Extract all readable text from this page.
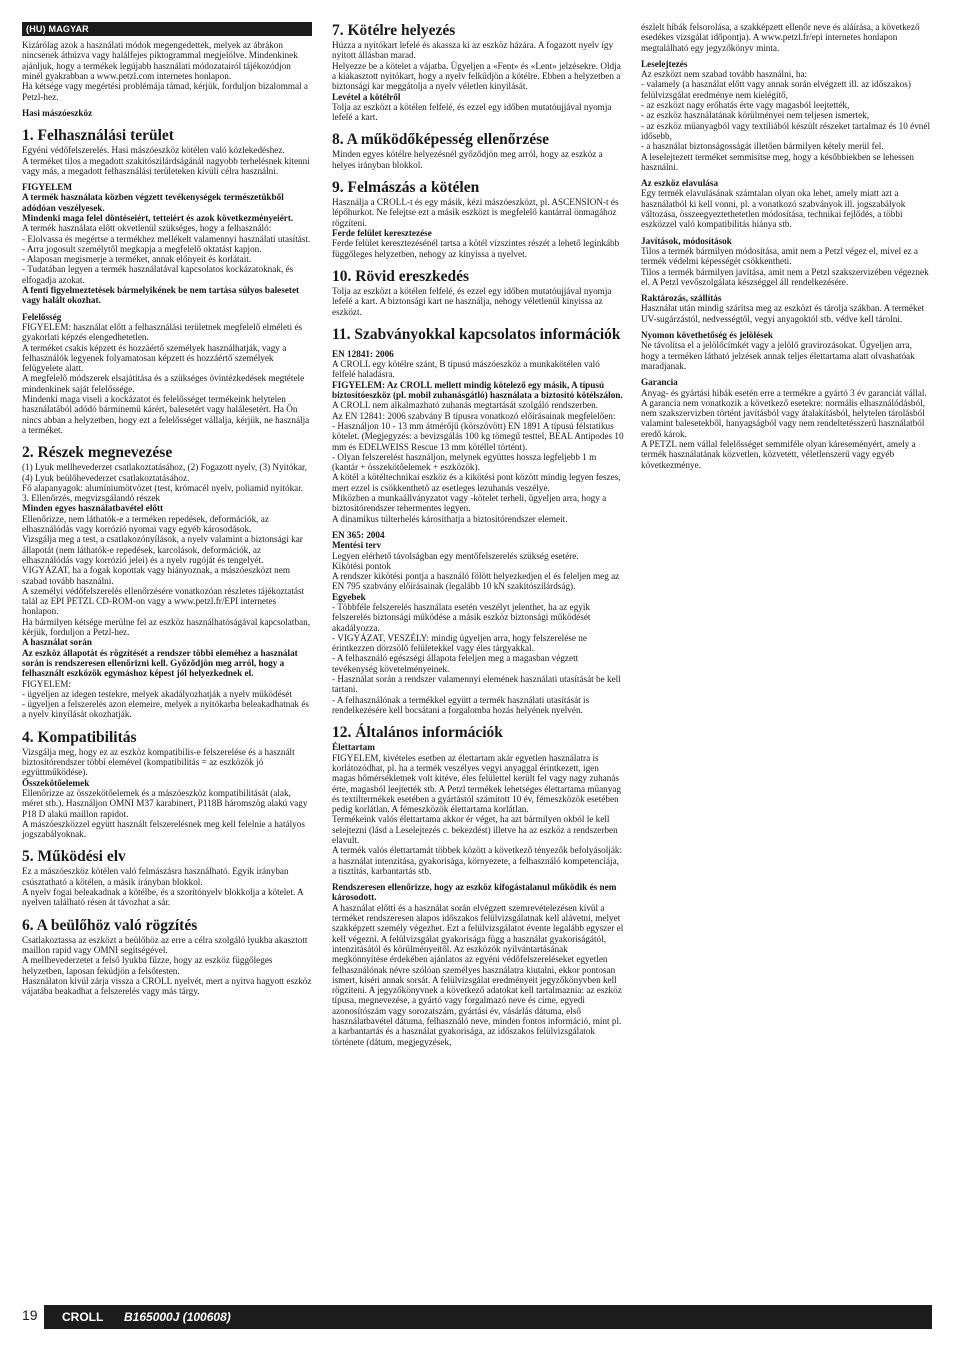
(HU) MAGYAR

Kizárólag azok a használati módok megengedettek, melyek az ábrákon nincsenek áthúzva vagy halálfejes piktogrammal megjelölve. Mindenkinek ajánljuk, hogy a termékek legújabb használati módozatairól tájékozódjon minél gyakrabban a www.petzl.com internetes honlapon.
Ha kétsége vagy megértési problémája támad, kérjük, forduljon bizalommal a Petzl-hez.

Hasi mászóeszköz

1. Felhasználási terület

Egyéni védőfelszerelés. Hasi mászóeszköz kötélen való közlekedéshez.
A terméket tilos a megadott szakítószilárdságánál nagyobb terhelésnek kitenni vagy más, a megadott felhasználási területeken kívüli célra használni.

FIGYELEM

A termék használata közben végzett tevékenységek természetükből adódóan veszélyesek.
Mindenki maga felel döntéseiért, tetteiért és azok következményeiért.

A termék használata előtt okvetlenül szükséges, hogy a felhasználó:
- Elolvassa és megértse a termékhez mellékelt valamennyi használati utasítást.
- Arra jogosult személytől megkapja a megfelelő oktatást kapjon.
- Alaposan megismerje a terméket, annak előnyeit és korlátait.
- Tudatában legyen a termék használatával kapcsolatos kockázatoknak, és elfogadja azokat.

A fenti figyelmeztetések bármelyikének be nem tartása súlyos balesetet vagy halált okozhat.

Felelősség

FIGYELEM: használat előtt a felhasználási területnek megfelelő elméleti és gyakorlati képzés elengedhetetlen.
A terméket csakis képzett és hozzáértő személyek használhatják, vagy a felhasználók legyenek folyamatosan képzett és hozzáértő személyek felügyelete alatt.
A megfelelő módszerek elsajátítása és a szükséges óvintézkedések megtétele mindenkinek saját felelőssége.
Mindenki maga viseli a kockázatot és felelősséget termékeink helytelen használatából adódó bárminemű kárért, balesetért vagy halálesetért. Ha Ön nincs abban a helyzetben, hogy ezt a felelősséget vállalja, kérjük, ne használja a terméket.

2. Részek megnevezése

(1) Lyuk mellhevederzet csatlakoztatásához, (2) Fogazott nyelv, (3) Nyitókar, (4) Lyuk beülőhevederzet csatlakoztatásához.
Fő alapanyagok: alumíniumötvözet (test, krómacél nyelv, poliamid nyitókar.
3. Ellenőrzés, megvizsgálandó részek

Minden egyes használatbavétel előtt

Ellenőrizze, nem láthatók-e a terméken repedések, deformációk, az elhasználódás vagy korrózió nyomai vagy egyéb károsodások.
Vizsgálja meg a test, a csatlakozónyílások, a nyelv valamint a biztonsági kar állapotát (nem láthatók-e repedések, karcolások, deformációk, az elhasználódás vagy korrózió jelei) és a nyelv rugóját és tengelyét.
VIGYÁZAT, ha a fogak kopottak vagy hiányoznak, a mászóeszközt nem szabad tovább használni.
A személyi védőfelszerelés ellenőrzésére vonatkozóan részletes tájékoztatást talál az EPI PETZL CD-ROM-on vagy a www.petzl.fr/EPI internetes honlapon.
Ha bármilyen kétsége merülne fel az eszköz használhatóságával kapcsolatban, kérjük, forduljon a Petzl-hez.

A használat során

Az eszköz állapotát és rögzítését a rendszer többi eleméhez a használat során is rendszeresen ellenőrizni kell. Győződjön meg arról, hogy a felhasznált eszközök egymáshoz képest jól helyezkednek el.

FIGYELEM:
- ügyeljen az idegen testekre, melyek akadályozhatják a nyelv működését
- ügyeljen a felszerelés azon elemeire, melyek a nyitókarba beleakadhatnak és a nyelv kinyílását okozhatják.

4. Kompatibilitás

Vizsgálja meg, hogy ez az eszköz kompatibilis-e felszerelése és a használt biztosítórendszer többi elemével (kompatibilitás = az eszközök jó együttműködése).

Összekötőelemek

Ellenőrizze az összekötőelemek és a mászóeszköz kompatibilitását (alak, méret stb.). Használjon OMNI M37 karabinert, P118B háromszög alakú vagy P18 D alakú maillon rapidot.
A mászóeszközzel együtt használt felszerelésnek meg kell felelnie a hatályos jogszabályoknak.

5. Működési elv

Ez a mászóeszköz kötélen való felmászásra használható. Egyik irányban csúsztatható a kötélen, a másik irányban blokkol.
A nyelv fogai beleakadnak a kötélbe, és a szorítónyelv blokkolja a kötelet. A nyelven található résen át távozhat a sár.

6. A beülőhöz való rögzítés

Csatlakoztassa az eszközt a beülőhöz az erre a célra szolgáló lyukba akasztott maillon rapid vagy OMNI segítségével.
A mellhevederzetet a felső lyukba fűzze, hogy az eszköz függőleges helyzetben, laposan feküdjön a felsőtesten.
Használaton kívül zárja vissza a CROLL nyelvét, mert a nyitva hagyott eszköz vájatába beakadhat a felszerelés vagy más tárgy.

7. Kötélre helyezés

Húzza a nyitókart lefelé és akassza ki az eszköz házára. A fogazott nyelv így nyitott állásban marad.
Helyezze be a kötelet a vájatba. Ügyeljen a «Fent» és «Lent» jelzésekre. Oldja a kiakasztott nyitókart, hogy a nyelv felkűdjön a kötélre. Ebben a helyzetben a biztonsági kar meggátolja a nyelv véletlen kinyílását.

Levétel a kötélről

Tolja az eszközt a kötélen felfelé, és ezzel egy időben mutatóujjával nyomja lefelé a kart.

8. A működőképesség ellenőrzése

Minden egyes kötélre helyezésnél győződjön meg arról, hogy az eszköz a helyes irányban blokkol.

9. Felmászás a kötélen

Használja a CROLL-t és egy másik, kézi mászóeszközt, pl. ASCENSION-t és lépőhurkot. Ne felejtse ezt a másik eszközt is megfelelő kantárral önmagához rögzíteni.

Ferde felület keresztezése

Ferde felület keresztezésénél tartsa a kötél vízszintes részét a lehető leginkább függőleges helyzetben, nehogy az kinyissa a nyelvet.

10. Rövid ereszkedés

Tolja az eszközt a kötélen felfelé, és ezzel egy időben mutatóujjával nyomja lefelé a kart. A biztonsági kart ne használja, nehogy véletlenül kinyissa az eszközt.

11. Szabványokkal kapcsolatos információk

EN 12841: 2006

A CROLL egy kötélre szánt, B típusú mászóeszköz a munkakötélen való felfelé haladásra.

FIGYELEM: Az CROLL mellett mindig kötelező egy másik, A típusú biztosítóeszköz (pl. mobil zuhanásgátló) használata a biztosító kötélszálon.

A CROLL nem alkalmazható zuhanás megtartását szolgáló rendszerben.
Az EN 12841: 2006 szabvány B típusra vonatkozó előírásainak megfelelően:
- Használjon 10 - 13 mm átmérőjű (körszövött) EN 1891 A típusú félstatikus kötelet. (Megjegyzés: a bevizsgálás 100 kg tömegű testtel, BEAL Antipodes 10 mm és EDELWEISS Rescue 13 mm kötéllel történt).
- Olyan felszerelést használjon, melynek együttes hossza legfeljebb 1 m (kantár + összekötőelemek + eszközök).
A kötél a kötéltechnikai eszköz és a kikötési pont között mindig legyen feszes, mert ezzel is csökkenthető az esetleges lezuhanás veszélye.
Miközben a munkaállványzatot vagy -kötelet terheli, ügyeljen arra, hogy a biztosítórendszer tehermentes legyen.
A dinamikus túlterhelés károsíthatja a biztosítórendszer elemeit.

EN 365: 2004

Mentési terv

Legyen elérhető távolságban egy mentőfelszerelés szükség esetére.
Kikötési pontok
A rendszer kikötési pontja a használó fölött helyezkedjen el és feleljen meg az EN 795 szabvány előírásainak (legalább 10 kN szakítószilárdság).

Egyebek

- Többféle felszerelés használata esetén veszélyt jelenthet, ha az egyik felszerelés biztonsági működése a másik eszköz biztonsági működését akadályozza.
- VIGYÁZAT, VESZÉLY: mindig ügyeljen arra, hogy felszerelése ne érintkezzen dörzsölő felületekkel vagy éles tárgyakkal.
- A felhasználó egészségi állapota feleljen meg a magasban végzett tevékenység követelményeinek.
- Használat során a rendszer valamennyi elemének használati utasítását be kell tartani.
- A felhasználónak a termékkel együtt a termék használati utasítását is rendelkezésére kell bocsátani a forgalomba hozás helyének nyelvén.

12. Általános információk

Élettartam

FIGYELEM, kivételes esetben az élettartam akár egyetlen használatra is korlátozódhat, pl. ha a termék veszélyes vegyi anyaggal érintkezett, igen magas hőmérsékletnek volt kitéve, éles felülettel került fel vagy nagy zuhanás érte, magasból leejtették stb. A Petzl termékek lehetséges élettartama műanyag és textiltermékek esetében a gyártástól számított 10 év, fémeszközök esetében pedig korlátlan. A fémeszközök élettartama korlátlan.
Termékeink valós élettartama akkor ér véget, ha azt bármilyen okból le kell selejtezni (lásd a Leselejtezés c. bekezdést) illetve ha az eszköz a rendszerben elavult.
A termék valós élettartamát többek között a következő tényezők befolyásolják: a használat intenzitása, gyakorisága, környezete, a felhasználó kompetenciája, a tisztítás, karbantartás stb.

Rendszeresen ellenőrizze, hogy az eszköz kifogástalanul működik és nem károsodott.

A használat előtti és a használat során elvégzett szemrevételezésen kívül a terméket rendszeresen alapos időszakos felülvizsgálatnak kell alávetni, melyet szakképzett személy végezhet. Ezt a felülvizsgálatot évente legalább egyszer el kell végezni. A felülvizsgálat gyakorisága függ a használat gyakoriságától, intenzitásától és körülményeitől. Az eszközök nyilvántartásának megkönnyítése érdekében ajánlatos az egyéni védőfelszereléseket egyetlen felhasználónak névre szólóan személyes használatra kiutalni, ekkor pontosan ismert, kiséri annak sorsát. A felülvizsgálat eredményeit jegyzőkönyvben kell rögzíteni. A jegyzőkönyvnek a következő adatokat kell tartalmaznia: az eszköz típusa, megnevezése, a gyártó vagy forgalmazó neve és címe, egyedi azonosítószám vagy sorozatszám, gyártási év, vásárlás dátuma, első használatbavétel dátuma, felhasználó neve, minden fontos információ, mint pl. a karbantartás és a használat gyakorisága, az időszakos felülvizsgálatok története (dátum, megjegyzések,

észlelt hibák felsorolása, a szakképzett ellenőr neve és aláírása, a következő esedékes vizsgálat időpontja). A www.petzl.fr/epi internetes honlapon megtalálható egy jegyzőkönyv minta.

Leselejtezés

Az eszközt nem szabad tovább használni, ha:
- valamely (a használat előtt vagy annak során elvégzett ill. az időszakos) felülvizsgálat eredménye nem kielégítő,
- az eszközt nagy erőhatás érte vagy magasból leejtették,
- az eszköz használatának körülményei nem teljesen ismertek,
- az eszköz műanyagból vagy textíliából készült részeket tartalmaz és 10 évnél idősebb,
- a használat biztonságosságát illetően bármilyen kétely merül fel.
A leselejtezett terméket semmisítse meg, hogy a későbbiekben se lehessen használni.

Az eszköz elavulása

Egy termék elavulásának számtalan olyan oka lehet, amely miatt azt a használatból ki kell vonni, pl. a vonatkozó szabványok ill. jogszabályok változása, összeegyeztethetetlen módosítása, technikai fejlődés, a többi eszközzel való kompatibilitás hiánya stb.

Javítások, módosítások

Tilos a termék bármilyen módosítása, amit nem a Petzl végez el, mivel ez a termék védelmi képességét csökkentheti.
Tilos a termék bármilyen javítása, amit nem a Petzl szakszervizében végeznek el. A Petzl vevőszolgálata készséggel áll rendelkezésére.

Raktározás, szállítás

Használat után mindig szárítsa meg az eszközt és tárolja szákban. A terméket UV-sugárzástól, nedvességtől, vegyi anyagoktól stb. védve kell tárolni.

Nyomon követhetőség és jelölések

Ne távolítsa el a jelölőcímkét vagy a jelölő gravírozásokat. Ügyeljen arra, hogy a terméken látható jelzések annak teljes élettartama alatt olvashatóak maradjanak.

Garancia

Anyag- és gyártási hibák esetén erre a termékre a gyártó 3 év garanciát vállal. A garancia nem vonatkozik a következő esetekre: normális elhasználódásból, nem szakszervizben történt javításból vagy átalakításból, helytelen tárolásból valamint balesetekből, hanyagságból vagy nem rendeltetésszerű használatból eredő károk.
A PETZL nem vállal felelősséget semmiféle olyan káreseményért, amely a termék használatának közvetlen, közvetett, véletlenszerű vagy egyéb következménye.

19 CROLL B165000J (100608)
